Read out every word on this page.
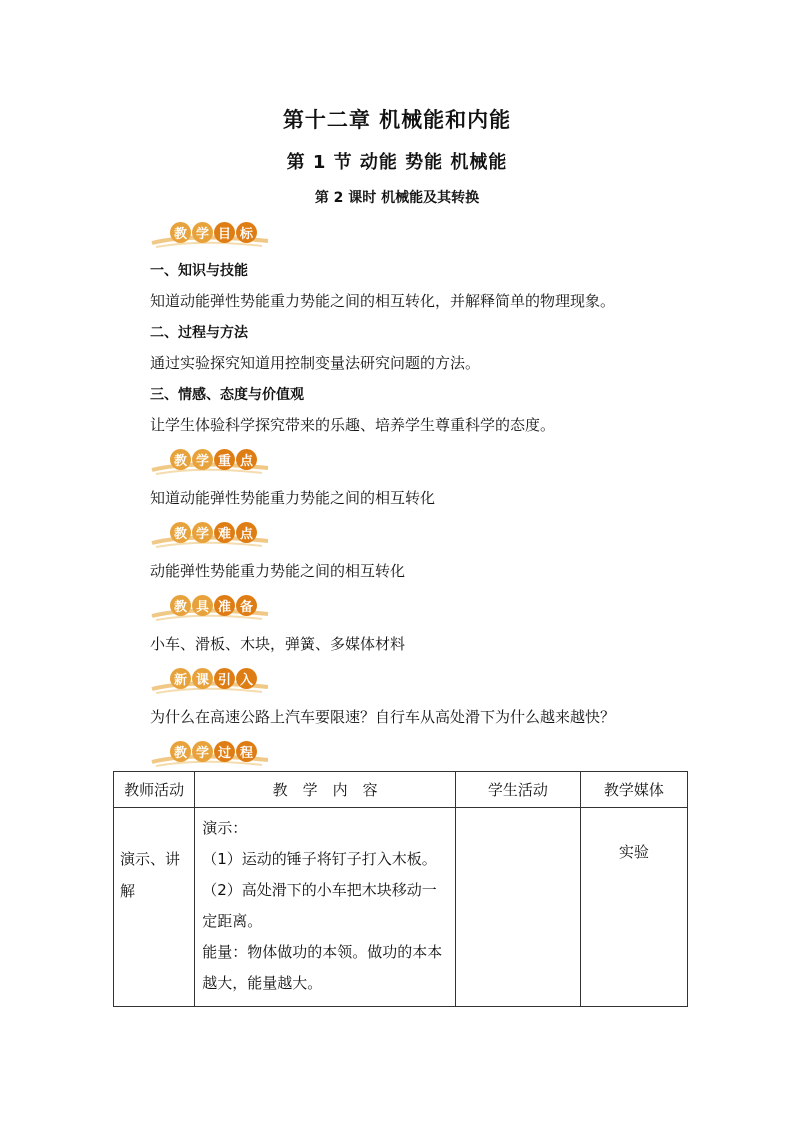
第十二章 机械能和内能
第 1 节 动能 势能 机械能
第 2 课时 机械能及其转换
教 学 目 标
一、知识与技能
知道动能弹性势能重力势能之间的相互转化，并解释简单的物理现象。
二、过程与方法
通过实验探究知道用控制变量法研究问题的方法。
三、情感、态度与价值观
让学生体验科学探究带来的乐趣、培养学生尊重科学的态度。
教 学 重 点
知道动能弹性势能重力势能之间的相互转化
教 学 难 点
动能弹性势能重力势能之间的相互转化
教 具 准 备
小车、滑板、木块，弹簧、多媒体材料
新 课 引 入
为什么在高速公路上汽车要限速？自行车从高处滑下为什么越来越快？
教 学 过 程
教师活动	教　学　内　容	学生活动	教学媒体

演示、讲解	演示：
（1）运动的锤子将钉子打入木板。
（2）高处滑下的小车把木块移动一定距离。
能量：物体做功的本领。做功的本本越大，能量越大。		实验
